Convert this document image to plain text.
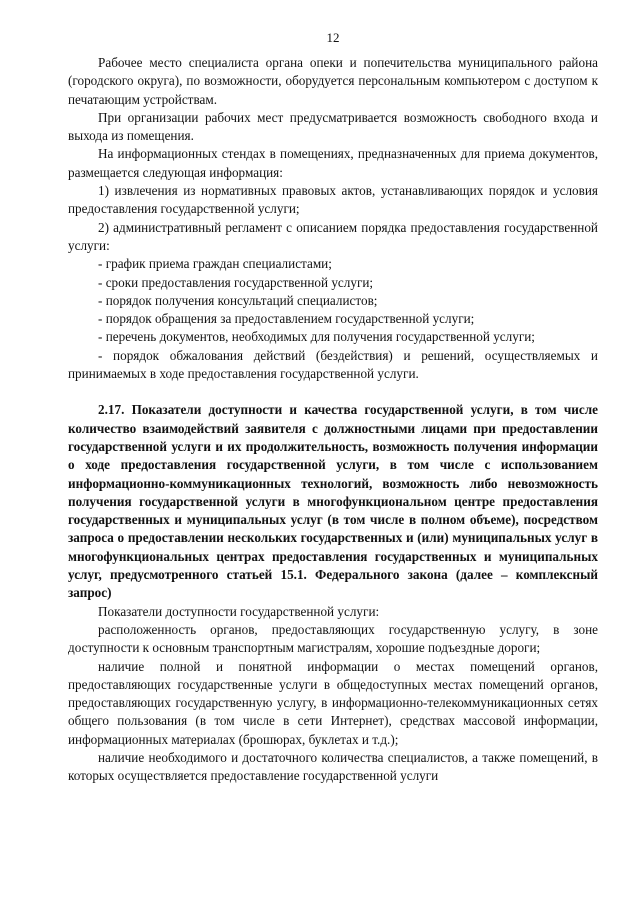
12

Рабочее место специалиста органа опеки и попечительства муниципального района (городского округа), по возможности, оборудуется персональным компьютером с доступом к печатающим устройствам.

При организации рабочих мест предусматривается возможность свободного входа и выхода из помещения.

На информационных стендах в помещениях, предназначенных для приема документов, размещается следующая информация:

1) извлечения из нормативных правовых актов, устанавливающих порядок и условия предоставления государственной услуги;

2) административный регламент с описанием порядка предоставления государственной услуги:

- график приема граждан специалистами;

- сроки предоставления государственной услуги;

- порядок получения консультаций специалистов;

- порядок обращения за предоставлением государственной услуги;

- перечень документов, необходимых для получения государственной услуги;

- порядок обжалования действий (бездействия) и решений, осуществляемых и принимаемых в ходе предоставления государственной услуги.

2.17. Показатели доступности и качества государственной услуги, в том числе количество взаимодействий заявителя с должностными лицами при предоставлении государственной услуги и их продолжительность, возможность получения информации о ходе предоставления государственной услуги, в том числе с использованием информационно-коммуникационных технологий, возможность либо невозможность получения государственной услуги в многофункциональном центре предоставления государственных и муниципальных услуг (в том числе в полном объеме), посредством запроса о предоставлении нескольких государственных и (или) муниципальных услуг в многофункциональных центрах предоставления государственных и муниципальных услуг, предусмотренного статьей 15.1. Федерального закона (далее – комплексный запрос)

Показатели доступности государственной услуги:

расположенность органов, предоставляющих государственную услугу, в зоне доступности к основным транспортным магистралям, хорошие подъездные дороги;

наличие полной и понятной информации о местах помещений органов, предоставляющих государственные услуги в общедоступных местах помещений органов, предоставляющих государственную услугу, в информационно-телекоммуникационных сетях общего пользования (в том числе в сети Интернет), средствах массовой информации, информационных материалах (брошюрах, буклетах и т.д.);

наличие необходимого и достаточного количества специалистов, а также помещений, в которых осуществляется предоставление государственной услуги
